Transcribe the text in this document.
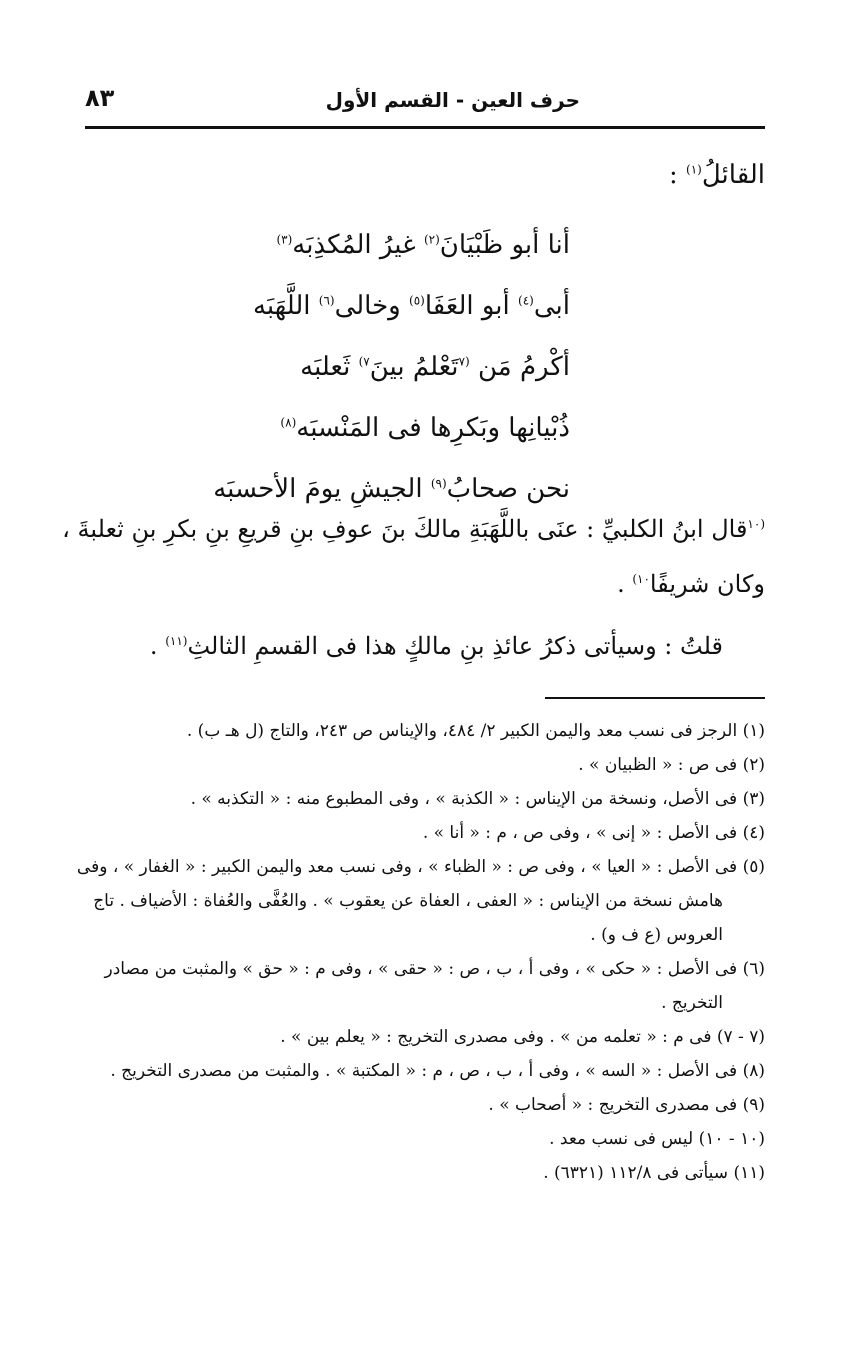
٨٣	حرف العين - القسم الأول
القائلُ$^{(١)}$ :
أنا أبو ظَبْيَانَ$^{(٢)}$ غيرُ المُكذِبَه$^{(٣)}$
أبى$^{(٤)}$ أبو العَفَا$^{(٥)}$ وخالى$^{(٦)}$ اللَّهَبَه
أكْرمُ مَن $^{(٧}$تَعْلمُ بينَ$^{٧)}$ ثَعلبَه
ذُبْيانِها وبَكرِها فى المَنْسبَه$^{(٨)}$
نحن صحابُ$^{(٩)}$ الجيشِ يومَ الأحسبَه
$^{(١٠}$قال ابنُ الكلبيِّ : عنَى باللَّهَبَةِ مالكَ بنَ عوفِ بنِ قريعِ بنِ بكرِ بنِ ثعلبةَ ،
وكان شريفًا$^{١٠)}$ .
قلتُ : وسيأتى ذكرُ عائذِ بنِ مالكٍ هذا فى القسمِ الثالثِ$^{(١١)}$ .
(١) الرجز فى نسب معد واليمن الكبير ٢/ ٤٨٤، والإيناس ص ٢٤٣، والتاج (ل هـ ب) .
(٢) فى ص : « الظبيان » .
(٣) فى الأصل، ونسخة من الإيناس : « الكذبة » ، وفى المطبوع منه : « التكذبه » .
(٤) فى الأصل : « إنى » ، وفى ص ، م : « أنا » .
(٥) فى الأصل : « العيا » ، وفى ص : « الظباء » ، وفى نسب معد واليمن الكبير : « الغفار » ، وفى
هامش نسخة من الإيناس : « العفى ، العفاة عن يعقوب » . والعُفَّى والعُفاة : الأضياف . تاج
العروس (ع ف و) .
(٦) فى الأصل : « حكى » ، وفى أ ، ب ، ص : « حقى » ، وفى م : « حق » والمثبت من مصادر
التخريج .
(٧ - ٧) فى م : « تعلمه من » . وفى مصدرى التخريج : « يعلم بين » .
(٨) فى الأصل : « السه » ، وفى أ ، ب ، ص ، م : « المكتبة » . والمثبت من مصدرى التخريج .
(٩) فى مصدرى التخريج : « أصحاب » .
(١٠ - ١٠) ليس فى نسب معد .
(١١) سيأتى فى ١١٢/٨ (٦٣٢١) .
